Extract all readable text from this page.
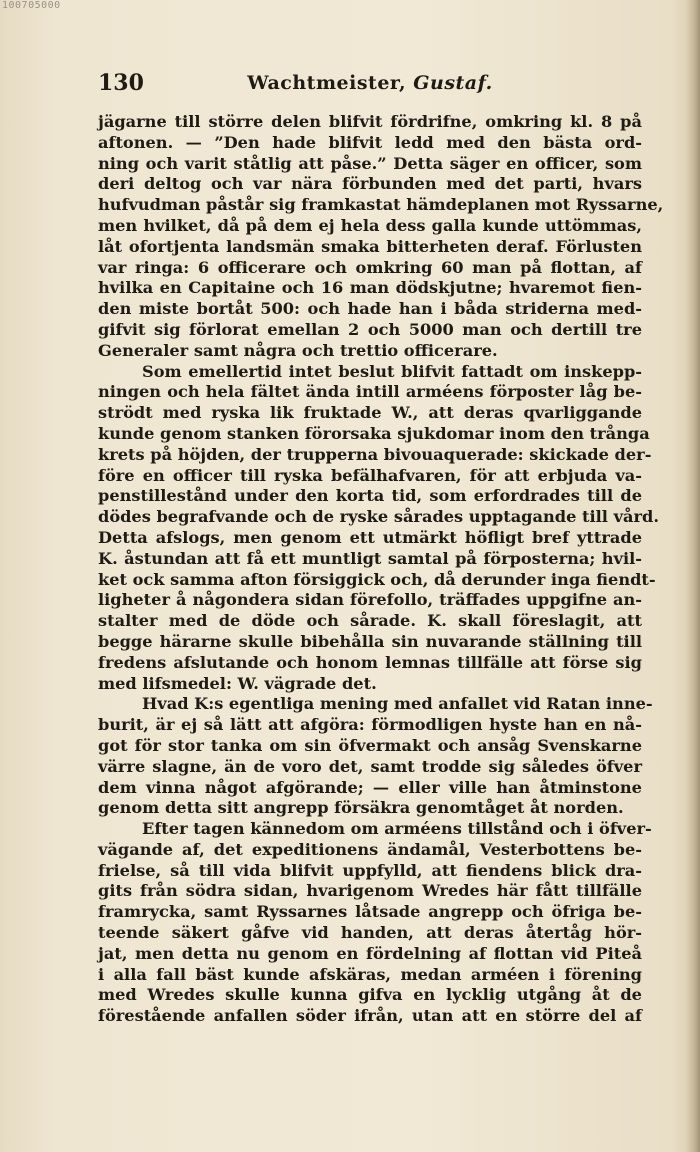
100705000
130	Wachtmeister, Gustaf.
jägarne till större delen blifvit fördrifne, omkring kl. 8 på
aftonen. — ”Den hade blifvit ledd med den bästa ord-
ning och varit ståtlig att påse.” Detta säger en officer, som
deri deltog och var nära förbunden med det parti, hvars
hufvudman påstår sig framkastat hämdeplanen mot Ryssarne,
men hvilket, då på dem ej hela dess galla kunde uttömmas,
låt ofortjenta landsmän smaka bitterheten deraf. Förlusten
var ringa: 6 officerare och omkring 60 man på flottan, af
hvilka en Capitaine och 16 man dödskjutne; hvaremot fien-
den miste bortåt 500: och hade han i båda striderna med-
gifvit sig förlorat emellan 2 och 5000 man och dertill tre
Generaler samt några och trettio officerare.
Som emellertid intet beslut blifvit fattadt om inskepp-
ningen och hela fältet ända intill arméens förposter låg be-
strödt med ryska lik fruktade W., att deras qvarliggande
kunde genom stanken förorsaka sjukdomar inom den trånga
krets på höjden, der trupperna bivouaquerade: skickade der-
före en officer till ryska befälhafvaren, för att erbjuda va-
penstillestånd under den korta tid, som erfordrades till de
dödes begrafvande och de ryske sårades upptagande till vård.
Detta afslogs, men genom ett utmärkt höfligt bref yttrade
K. åstundan att få ett muntligt samtal på förposterna; hvil-
ket ock samma afton försiggick och, då derunder inga fiendt-
ligheter å någondera sidan förefollo, träffades uppgifne an-
stalter med de döde och sårade. K. skall föreslagit, att
begge härarne skulle bibehålla sin nuvarande ställning till
fredens afslutande och honom lemnas tillfälle att förse sig
med lifsmedel: W. vägrade det.
Hvad K:s egentliga mening med anfallet vid Ratan inne-
burit, är ej så lätt att afgöra: förmodligen hyste han en nå-
got för stor tanka om sin öfvermakt och ansåg Svenskarne
värre slagne, än de voro det, samt trodde sig således öfver
dem vinna något afgörande; — eller ville han åtminstone
genom detta sitt angrepp försäkra genomtåget åt norden.
Efter tagen kännedom om arméens tillstånd och i öfver-
vägande af, det expeditionens ändamål, Vesterbottens be-
frielse, så till vida blifvit uppfylld, att fiendens blick dra-
gits från södra sidan, hvarigenom Wredes här fått tillfälle
framrycka, samt Ryssarnes låtsade angrepp och öfriga be-
teende säkert gåfve vid handen, att deras återtåg hör-
jat, men detta nu genom en fördelning af flottan vid Piteå
i alla fall bäst kunde afskäras, medan arméen i förening
med Wredes skulle kunna gifva en lycklig utgång åt de
förestående anfallen söder ifrån, utan att en större del af
